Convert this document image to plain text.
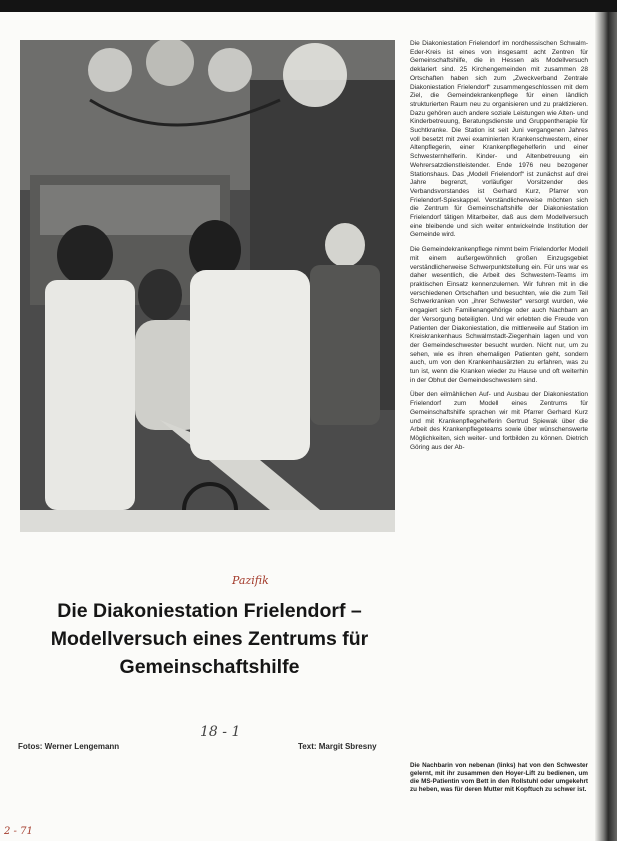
Pazifik
Die Diakoniestation Frielendorf –
Modellversuch eines Zentrums für
Gemeinschaftshilfe
18 - 1
Fotos: Werner Lengemann	Text: Margit Sbresny

Die Diakoniestation Frielendorf im nordhessischen Schwalm-Eder-Kreis ist eines von insgesamt acht Zentren für Gemeinschaftshilfe, die in Hessen als Modellversuch deklariert sind. 25 Kirchengemeinden mit zusammen 28 Ortschaften haben sich zum „Zweckverband Zentrale Diakoniestation Frielendorf“ zusammengeschlossen mit dem Ziel, die Gemeindekrankenpflege für einen ländlich strukturierten Raum neu zu organisieren und zu praktizieren. Dazu gehören auch andere soziale Leistungen wie Alten- und Kinderbetreuung, Beratungsdienste und Gruppentherapie für Suchtkranke. Die Station ist seit Juni vergangenen Jahres voll besetzt mit zwei examinierten Krankenschwestern, einer Altenpflegerin, einer Krankenpflegehelferin und einer Schwesternhelferin. Kinder- und Altenbetreuung ein Wehrersatzdienstleistender. Ende 1976 neu bezogener Stationshaus. Das „Modell Frielendorf“ ist zunächst auf drei Jahre begrenzt, vorläufiger Vorsitzender des Verbandsvorstandes ist Gerhard Kurz, Pfarrer von Frielendorf-Spieskappel. Verständlicherweise möchten sich die Zentrum für Gemeinschaftshilfe der Diakoniestation Frielendorf tätigen Mitarbeiter, daß aus dem Modellversuch eine bleibende und sich weiter entwickelnde Institution der Gemeinde wird.

Die Gemeindekrankenpflege nimmt beim Frielendorfer Modell mit einem außergewöhnlich großen Einzugsgebiet verständlicherweise Schwerpunktstellung ein. Für uns war es daher wesentlich, die Arbeit des Schwestern-Teams im praktischen Einsatz kennenzulernen. Wir fuhren mit in die verschiedenen Ortschaften und besuchten, wie die zum Teil Schwerkranken von „ihrer Schwester“ versorgt wurden, wie engagiert sich Familienangehörige oder auch Nachbarn an der Versorgung beteiligten. Und wir erlebten die Freude von Patienten der Diakoniestation, die mittlerweile auf Station im Kreiskrankenhaus Schwalmstadt-Ziegenhain lagen und von der Gemeindeschwester besucht wurden. Nicht nur, um zu sehen, wie es ihren ehemaligen Patienten geht, sondern auch, um von den Krankenhausärzten zu erfahren, was zu tun ist, wenn die Kranken wieder zu Hause und oft weiterhin in der Obhut der Gemeindeschwestern sind.

Über den eilmählichen Auf- und Ausbau der Diakoniestation Frielendorf zum Modell eines Zentrums für Gemeinschaftshilfe sprachen wir mit Pfarrer Gerhard Kurz und mit Krankenpflegehelferin Gertrud Spiewak über die Arbeit des Krankenpflegeteams sowie über wünschenswerte Möglichkeiten, sich weiter- und fortbilden zu können. Dietrich Göring aus der Ab-

Die Nachbarin von nebenan (links) hat von den Schwester gelernt, mit ihr zusammen den Hoyer-Lift zu bedienen, um die MS-Patientin vom Bett in den Rollstuhl oder umgekehrt zu heben, was für deren Mutter mit Kopftuch zu schwer ist.
2 - 71
